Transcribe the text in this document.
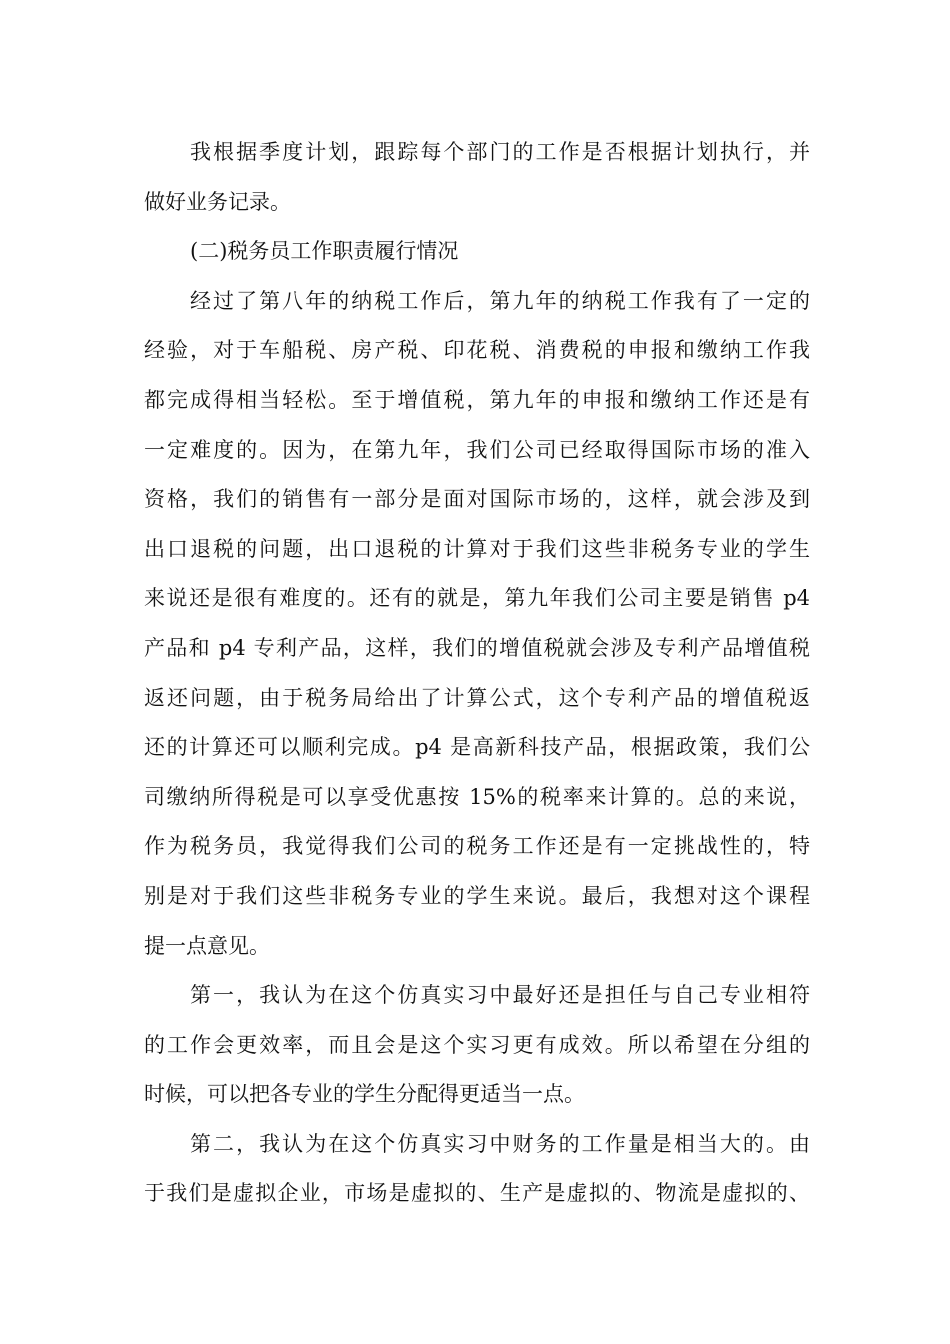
我根据季度计划，跟踪每个部门的工作是否根据计划执行，并
做好业务记录。
(二)税务员工作职责履行情况
经过了第八年的纳税工作后，第九年的纳税工作我有了一定的
经验，对于车船税、房产税、印花税、消费税的申报和缴纳工作我
都完成得相当轻松。至于增值税，第九年的申报和缴纳工作还是有
一定难度的。因为，在第九年，我们公司已经取得国际市场的准入
资格，我们的销售有一部分是面对国际市场的，这样，就会涉及到
出口退税的问题，出口退税的计算对于我们这些非税务专业的学生
来说还是很有难度的。还有的就是，第九年我们公司主要是销售 p4
产品和 p4 专利产品，这样，我们的增值税就会涉及专利产品增值税
返还问题，由于税务局给出了计算公式，这个专利产品的增值税返
还的计算还可以顺利完成。p4 是高新科技产品，根据政策，我们公
司缴纳所得税是可以享受优惠按 15%的税率来计算的。总的来说，
作为税务员，我觉得我们公司的税务工作还是有一定挑战性的，特
别是对于我们这些非税务专业的学生来说。最后，我想对这个课程
提一点意见。
第一，我认为在这个仿真实习中最好还是担任与自己专业相符
的工作会更效率，而且会是这个实习更有成效。所以希望在分组的
时候，可以把各专业的学生分配得更适当一点。
第二，我认为在这个仿真实习中财务的工作量是相当大的。由
于我们是虚拟企业，市场是虚拟的、生产是虚拟的、物流是虚拟的、
